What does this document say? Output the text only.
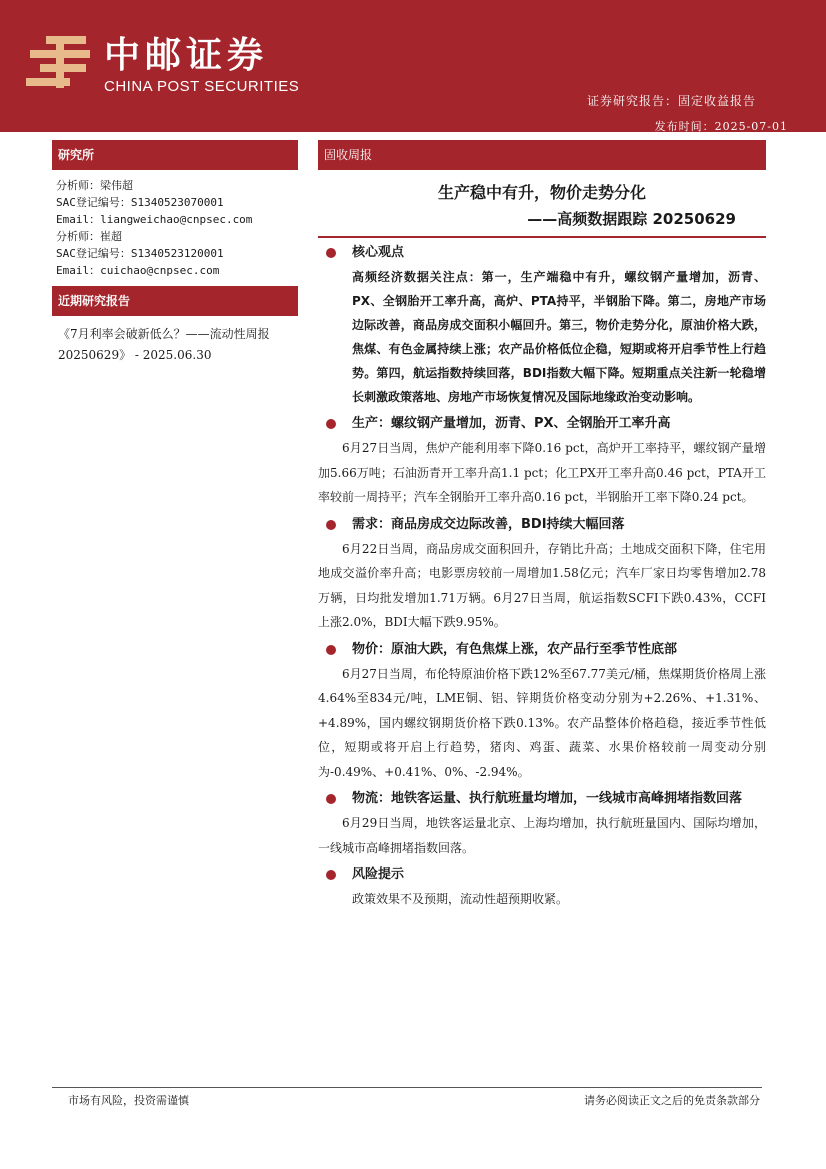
中邮证券
CHINA POST SECURITIES
证券研究报告：固定收益报告
发布时间：2025-07-01
研究所
分析师：梁伟超
SAC登记编号：S1340523070001
Email：liangweichao@cnpsec.com
分析师：崔超
SAC登记编号：S1340523120001
Email：cuichao@cnpsec.com
近期研究报告
《7月利率会破新低么？——流动性周报 20250629》 - 2025.06.30
固收周报
生产稳中有升，物价走势分化
——高频数据跟踪 20250629
核心观点
高频经济数据关注点：第一，生产端稳中有升，螺纹钢产量增加，沥青、PX、全钢胎开工率升高，高炉、PTA持平，半钢胎下降。第二，房地产市场边际改善，商品房成交面积小幅回升。第三，物价走势分化，原油价格大跌，焦煤、有色金属持续上涨；农产品价格低位企稳，短期或将开启季节性上行趋势。第四，航运指数持续回落，BDI指数大幅下降。短期重点关注新一轮稳增长刺激政策落地、房地产市场恢复情况及国际地缘政治变动影响。
生产：螺纹钢产量增加，沥青、PX、全钢胎开工率升高
6月27日当周，焦炉产能利用率下降0.16 pct，高炉开工率持平，螺纹钢产量增加5.66万吨；石油沥青开工率升高1.1 pct；化工PX开工率升高0.46 pct，PTA开工率较前一周持平；汽车全钢胎开工率升高0.16 pct，半钢胎开工率下降0.24 pct。
需求：商品房成交边际改善，BDI持续大幅回落
6月22日当周，商品房成交面积回升，存销比升高；土地成交面积下降，住宅用地成交溢价率升高；电影票房较前一周增加1.58亿元；汽车厂家日均零售增加2.78万辆，日均批发增加1.71万辆。6月27日当周，航运指数SCFI下跌0.43%，CCFI上涨2.0%，BDI大幅下跌9.95%。
物价：原油大跌，有色焦煤上涨，农产品行至季节性底部
6月27日当周，布伦特原油价格下跌12%至67.77美元/桶，焦煤期货价格周上涨4.64%至834元/吨，LME铜、铝、锌期货价格变动分别为+2.26%、+1.31%、+4.89%，国内螺纹钢期货价格下跌0.13%。农产品整体价格趋稳，接近季节性低位，短期或将开启上行趋势，猪肉、鸡蛋、蔬菜、水果价格较前一周变动分别为-0.49%、+0.41%、0%、-2.94%。
物流：地铁客运量、执行航班量均增加，一线城市高峰拥堵指数回落
6月29日当周，地铁客运量北京、上海均增加，执行航班量国内、国际均增加，一线城市高峰拥堵指数回落。
风险提示
政策效果不及预期，流动性超预期收紧。
市场有风险，投资需谨慎	请务必阅读正文之后的免责条款部分
